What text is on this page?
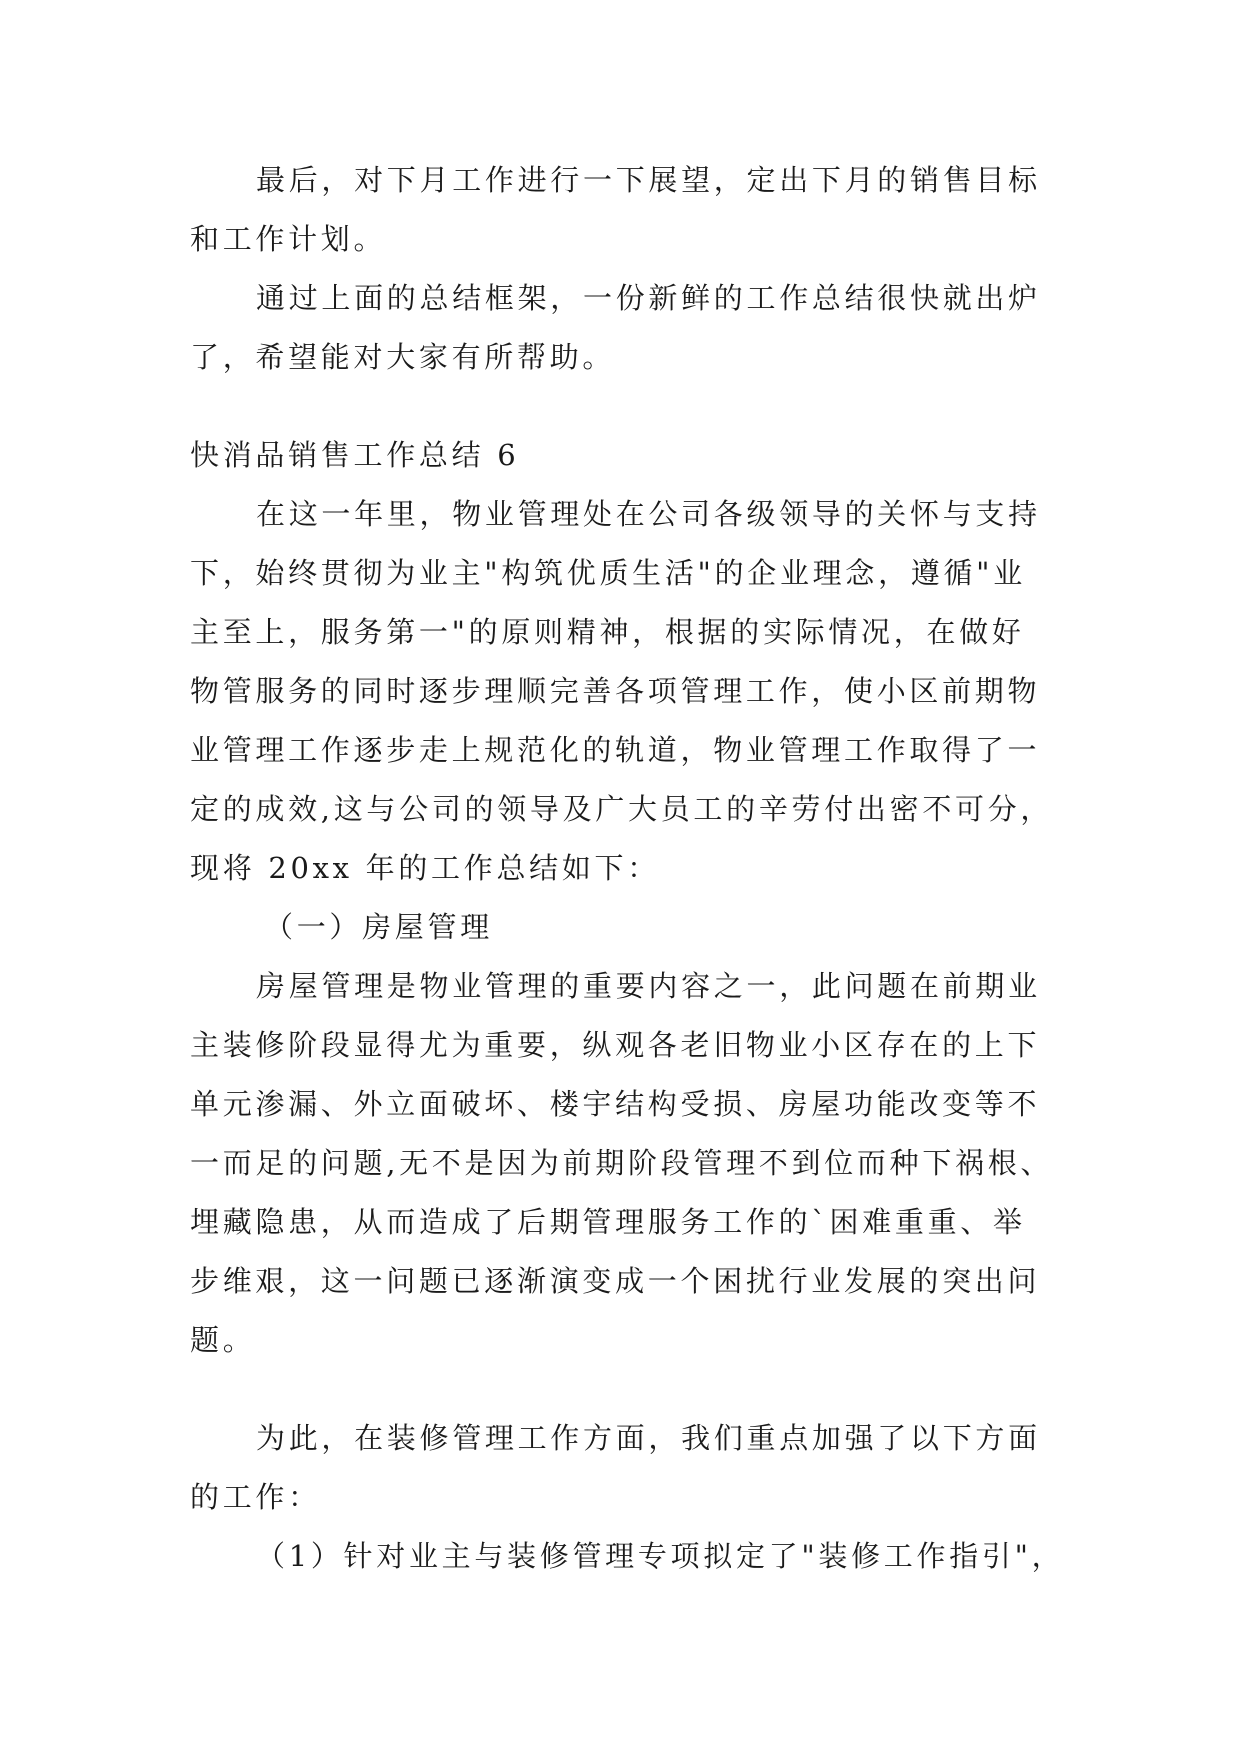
最后，对下月工作进行一下展望，定出下月的销售目标

和工作计划。

通过上面的总结框架，一份新鲜的工作总结很快就出炉

了，希望能对大家有所帮助。

快消品销售工作总结 6

在这一年里，物业管理处在公司各级领导的关怀与支持

下，始终贯彻为业主"构筑优质生活"的企业理念，遵循"业

主至上，服务第一"的原则精神，根据的实际情况，在做好

物管服务的同时逐步理顺完善各项管理工作，使小区前期物

业管理工作逐步走上规范化的轨道，物业管理工作取得了一

定的成效,这与公司的领导及广大员工的辛劳付出密不可分，

现将 20xx 年的工作总结如下：

（一）房屋管理

房屋管理是物业管理的重要内容之一，此问题在前期业

主装修阶段显得尤为重要，纵观各老旧物业小区存在的上下

单元渗漏、外立面破坏、楼宇结构受损、房屋功能改变等不

一而足的问题,无不是因为前期阶段管理不到位而种下祸根、

埋藏隐患，从而造成了后期管理服务工作的`困难重重、举

步维艰，这一问题已逐渐演变成一个困扰行业发展的突出问

题。

为此，在装修管理工作方面，我们重点加强了以下方面

的工作：

（1）针对业主与装修管理专项拟定了"装修工作指引"，
